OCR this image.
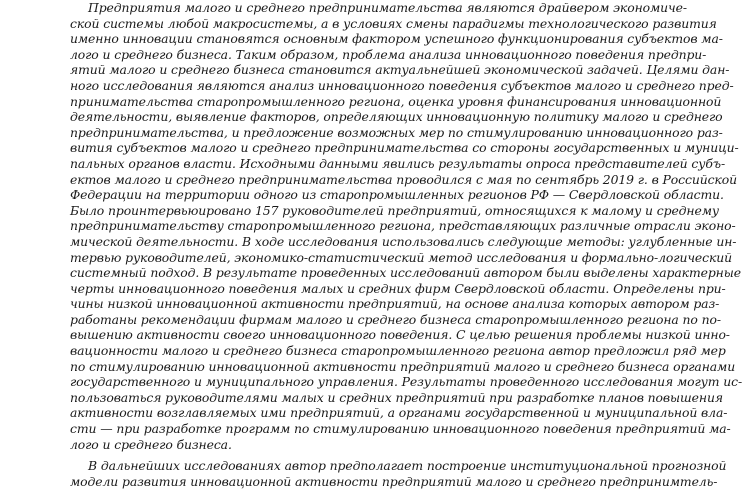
Предприятия малого и среднего предпринимательства являются драйвером экономиче-
ской системы любой макросистемы, а в условиях смены парадигмы технологического развития
именно инновации становятся основным фактором успешного функционирования субъектов ма-
лого и среднего бизнеса. Таким образом, проблема анализа инновационного поведения предпри-
ятий малого и среднего бизнеса становится актуальнейшей экономической задачей. Целями дан-
ного исследования являются анализ инновационного поведения субъектов малого и среднего пред-
принимательства старопромышленного региона, оценка уровня финансирования инновационной
деятельности, выявление факторов, определяющих инновационную политику малого и среднего
предпринимательства, и предложение возможных мер по стимулированию инновационного раз-
вития субъектов малого и среднего предпринимательства со стороны государственных и муници-
пальных органов власти. Исходными данными явились результаты опроса представителей субъ-
ектов малого и среднего предпринимательства проводился с мая по сентябрь 2019 г. в Российской
Федерации на территории одного из старопромышленных регионов РФ — Свердловской области.
Было проинтервьюировано 157 руководителей предприятий, относящихся к малому и среднему
предпринимательству старопромышленного региона, представляющих различные отрасли эконо-
мической деятельности. В ходе исследования использовались следующие методы: углубленные ин-
тервью руководителей, экономико-статистический метод исследования и формально-логический
системный подход. В результате проведенных исследований автором были выделены характерные
черты инновационного поведения малых и средних фирм Свердловской области. Определены при-
чины низкой инновационной активности предприятий, на основе анализа которых автором раз-
работаны рекомендации фирмам малого и среднего бизнеса старопромышленного региона по по-
вышению активности своего инновационного поведения. С целью решения проблемы низкой инно-
вационности малого и среднего бизнеса старопромышленного региона автор предложил ряд мер
по стимулированию инновационной активности предприятий малого и среднего бизнеса органами
государственного и муниципального управления. Результаты проведенного исследования могут ис-
пользоваться руководителями малых и средних предприятий при разработке планов повышения
активности возглавляемых ими предприятий, а органами государственной и муниципальной вла-
сти — при разработке программ по стимулированию инновационного поведения предприятий ма-
лого и среднего бизнеса.
В дальнейших исследованиях автор предполагает построение институциональной прогнозной
модели развития инновационной активности предприятий малого и среднего предпринимтель-
